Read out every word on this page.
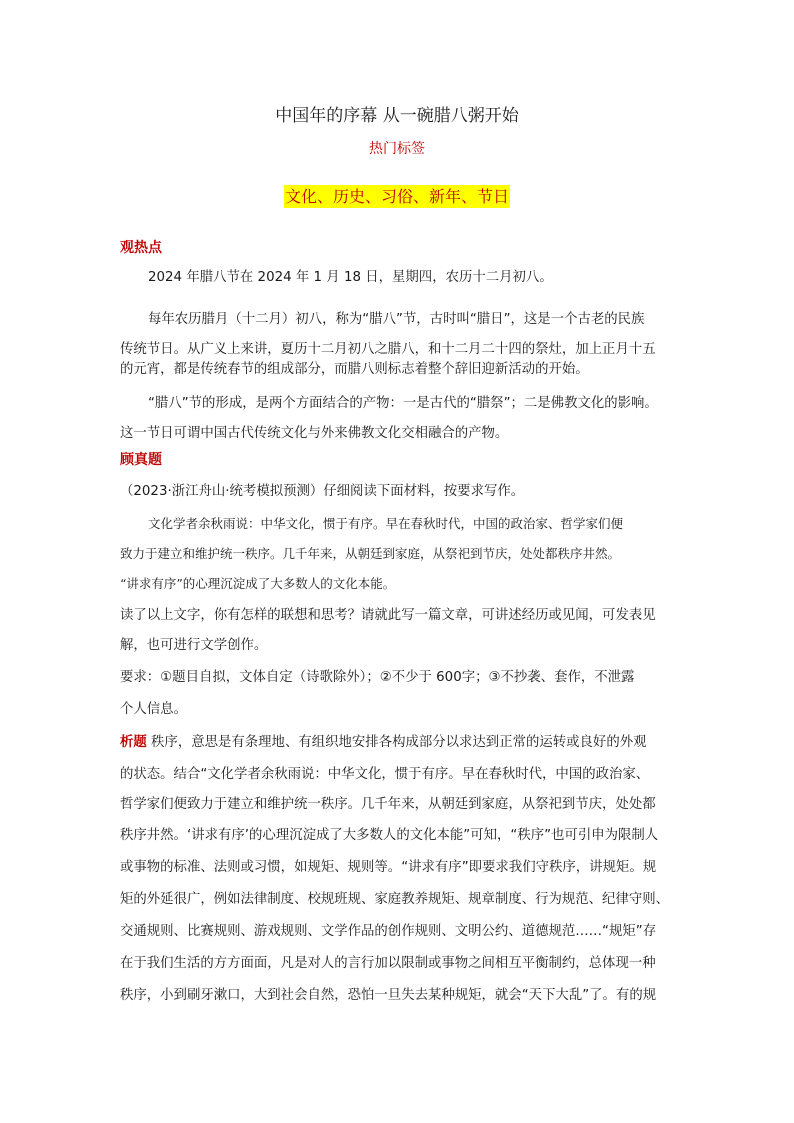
中国年的序幕 从一碗腊八粥开始
热门标签
文化、历史、习俗、新年、节日
观热点
2024 年腊八节在 2024 年 1 月 18 日，星期四，农历十二月初八。
每年农历腊月（十二月）初八，称为“腊八”节，古时叫“腊日”，这是一个古老的民族
传统节日。从广义上来讲，夏历十二月初八之腊八，和十二月二十四的祭灶，加上正月十五
的元宵，都是传统春节的组成部分，而腊八则标志着整个辞旧迎新活动的开始。
“腊八”节的形成，是两个方面结合的产物：一是古代的“腊祭”；二是佛教文化的影响。
这一节日可谓中国古代传统文化与外来佛教文化交相融合的产物。
顾真题
（2023·浙江舟山·统考模拟预测）仔细阅读下面材料，按要求写作。
文化学者余秋雨说：中华文化，惯于有序。早在春秋时代，中国的政治家、哲学家们便
致力于建立和维护统一秩序。几千年来，从朝廷到家庭，从祭祀到节庆，处处都秩序井然。
“讲求有序”的心理沉淀成了大多数人的文化本能。
读了以上文字，你有怎样的联想和思考？请就此写一篇文章，可讲述经历或见闻，可发表见
解，也可进行文学创作。
要求：①题目自拟，文体自定（诗歌除外）；②不少于 600字；③不抄袭、套作，不泄露
个人信息。
析题 秩序，意思是有条理地、有组织地安排各构成部分以求达到正常的运转或良好的外观
的状态。结合“文化学者余秋雨说：中华文化，惯于有序。早在春秋时代，中国的政治家、
哲学家们便致力于建立和维护统一秩序。几千年来，从朝廷到家庭，从祭祀到节庆，处处都
秩序井然。‘讲求有序’的心理沉淀成了大多数人的文化本能”可知，“秩序”也可引申为限制人
或事物的标准、法则或习惯，如规矩、规则等。“讲求有序”即要求我们守秩序，讲规矩。规
矩的外延很广，例如法律制度、校规班规、家庭教养规矩、规章制度、行为规范、纪律守则、
交通规则、比赛规则、游戏规则、文学作品的创作规则、文明公约、道德规范……“规矩”存
在于我们生活的方方面面，凡是对人的言行加以限制或事物之间相互平衡制约，总体现一种
秩序，小到刷牙漱口，大到社会自然，恐怕一旦失去某种规矩，就会“天下大乱”了。有的规
